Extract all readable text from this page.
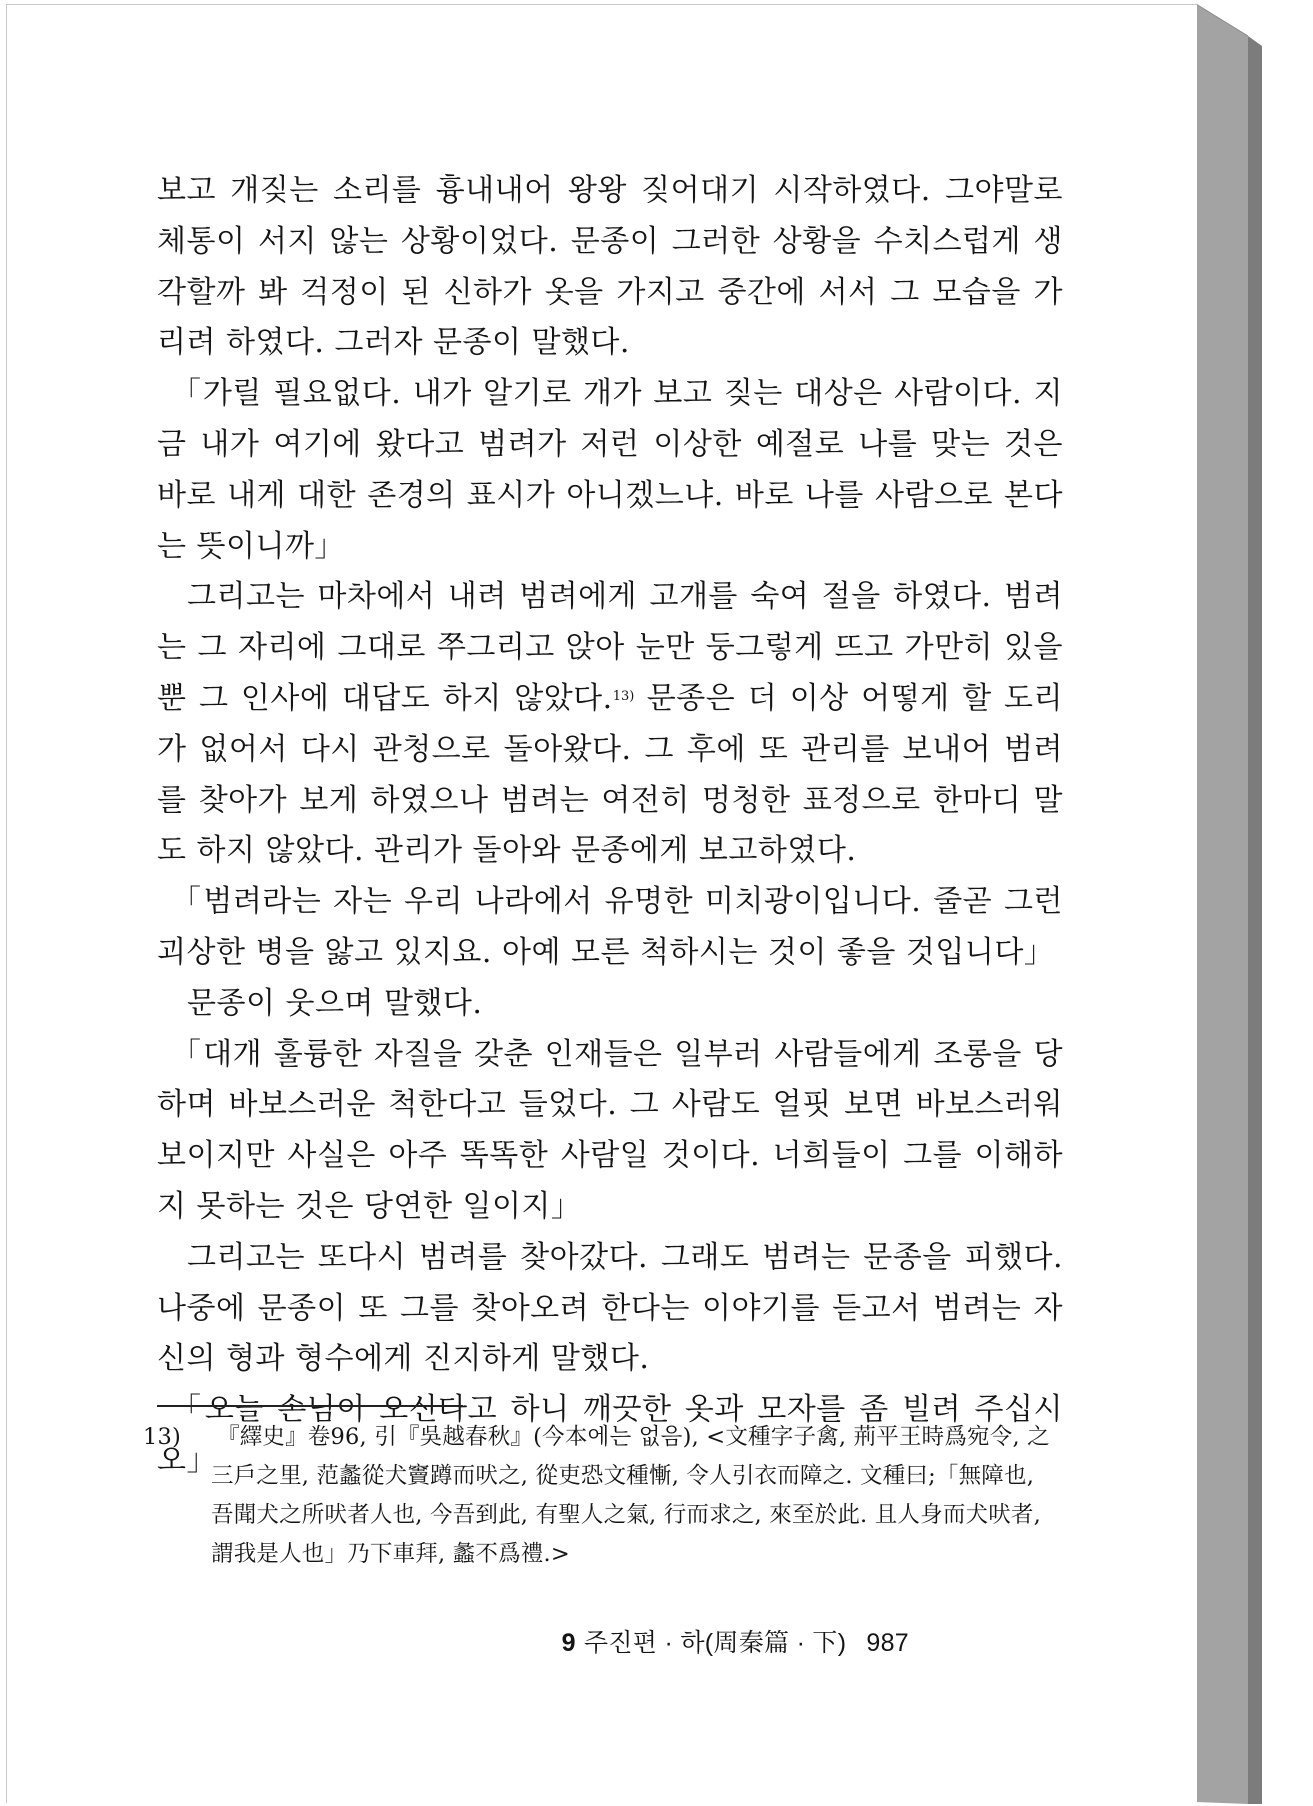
보고 개짖는 소리를 흉내내어 왕왕 짖어대기 시작하였다. 그야말로 체통이 서지 않는 상황이었다. 문종이 그러한 상황을 수치스럽게 생각할까 봐 걱정이 된 신하가 옷을 가지고 중간에 서서 그 모습을 가리려 하였다. 그러자 문종이 말했다.

「가릴 필요없다. 내가 알기로 개가 보고 짖는 대상은 사람이다. 지금 내가 여기에 왔다고 범려가 저런 이상한 예절로 나를 맞는 것은 바로 내게 대한 존경의 표시가 아니겠느냐. 바로 나를 사람으로 본다는 뜻이니까」

그리고는 마차에서 내려 범려에게 고개를 숙여 절을 하였다. 범려는 그 자리에 그대로 쭈그리고 앉아 눈만 둥그렇게 뜨고 가만히 있을 뿐 그 인사에 대답도 하지 않았다.$^{13)}$ 문종은 더 이상 어떻게 할 도리가 없어서 다시 관청으로 돌아왔다. 그 후에 또 관리를 보내어 범려를 찾아가 보게 하였으나 범려는 여전히 멍청한 표정으로 한마디 말도 하지 않았다. 관리가 돌아와 문종에게 보고하였다.

「범려라는 자는 우리 나라에서 유명한 미치광이입니다. 줄곧 그런 괴상한 병을 앓고 있지요. 아예 모른 척하시는 것이 좋을 것입니다」

문종이 웃으며 말했다.

「대개 훌륭한 자질을 갖춘 인재들은 일부러 사람들에게 조롱을 당하며 바보스러운 척한다고 들었다. 그 사람도 얼핏 보면 바보스러워 보이지만 사실은 아주 똑똑한 사람일 것이다. 너희들이 그를 이해하지 못하는 것은 당연한 일이지」

그리고는 또다시 범려를 찾아갔다. 그래도 범려는 문종을 피했다. 나중에 문종이 또 그를 찾아오려 한다는 이야기를 듣고서 범려는 자신의 형과 형수에게 진지하게 말했다.

「오늘 손님이 오신다고 하니 깨끗한 옷과 모자를 좀 빌려 주십시오」

13) 『繹史』卷96, 引『吳越春秋』(今本에는 없음), <文種字子禽, 荊平王時爲宛令, 之三戶之里, 范蠡從犬竇蹲而吠之, 從吏恐文種慚, 令人引衣而障之. 文種曰;「無障也, 吾聞犬之所吠者人也, 今吾到此, 有聖人之氣, 行而求之, 來至於此. 且人身而犬吠者, 謂我是人也」乃下車拜, 蠡不爲禮.>
9 주진편 · 하(周秦篇 · 下) 987
